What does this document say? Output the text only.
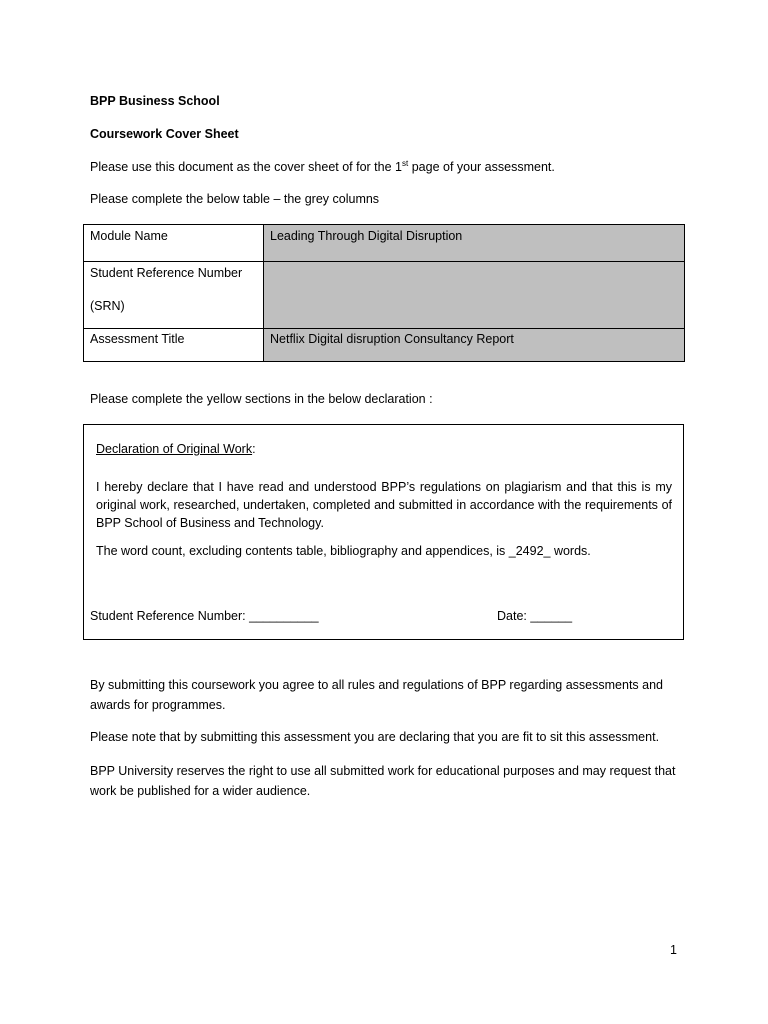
BPP Business School
Coursework Cover Sheet
Please use this document as the cover sheet of for the 1st page of your assessment.
Please complete the below table – the grey columns
Module Name	Leading Through Digital Disruption
Student Reference Number
(SRN)	

Assessment Title	Netflix Digital disruption Consultancy Report
Please complete the yellow sections in the below declaration :
Declaration of Original Work:
I hereby declare that I have read and understood BPP’s regulations on plagiarism and that this is my original work, researched, undertaken, completed and submitted in accordance with the requirements of BPP School of Business and Technology.
The word count, excluding contents table, bibliography and appendices, is _2492_ words.
Student Reference Number: __________	Date: ______
By submitting this coursework you agree to all rules and regulations of BPP regarding assessments and awards for programmes.
Please note that by submitting this assessment you are declaring that you are fit to sit this assessment.
BPP University reserves the right to use all submitted work for educational purposes and may request that work be published for a wider audience.
1
